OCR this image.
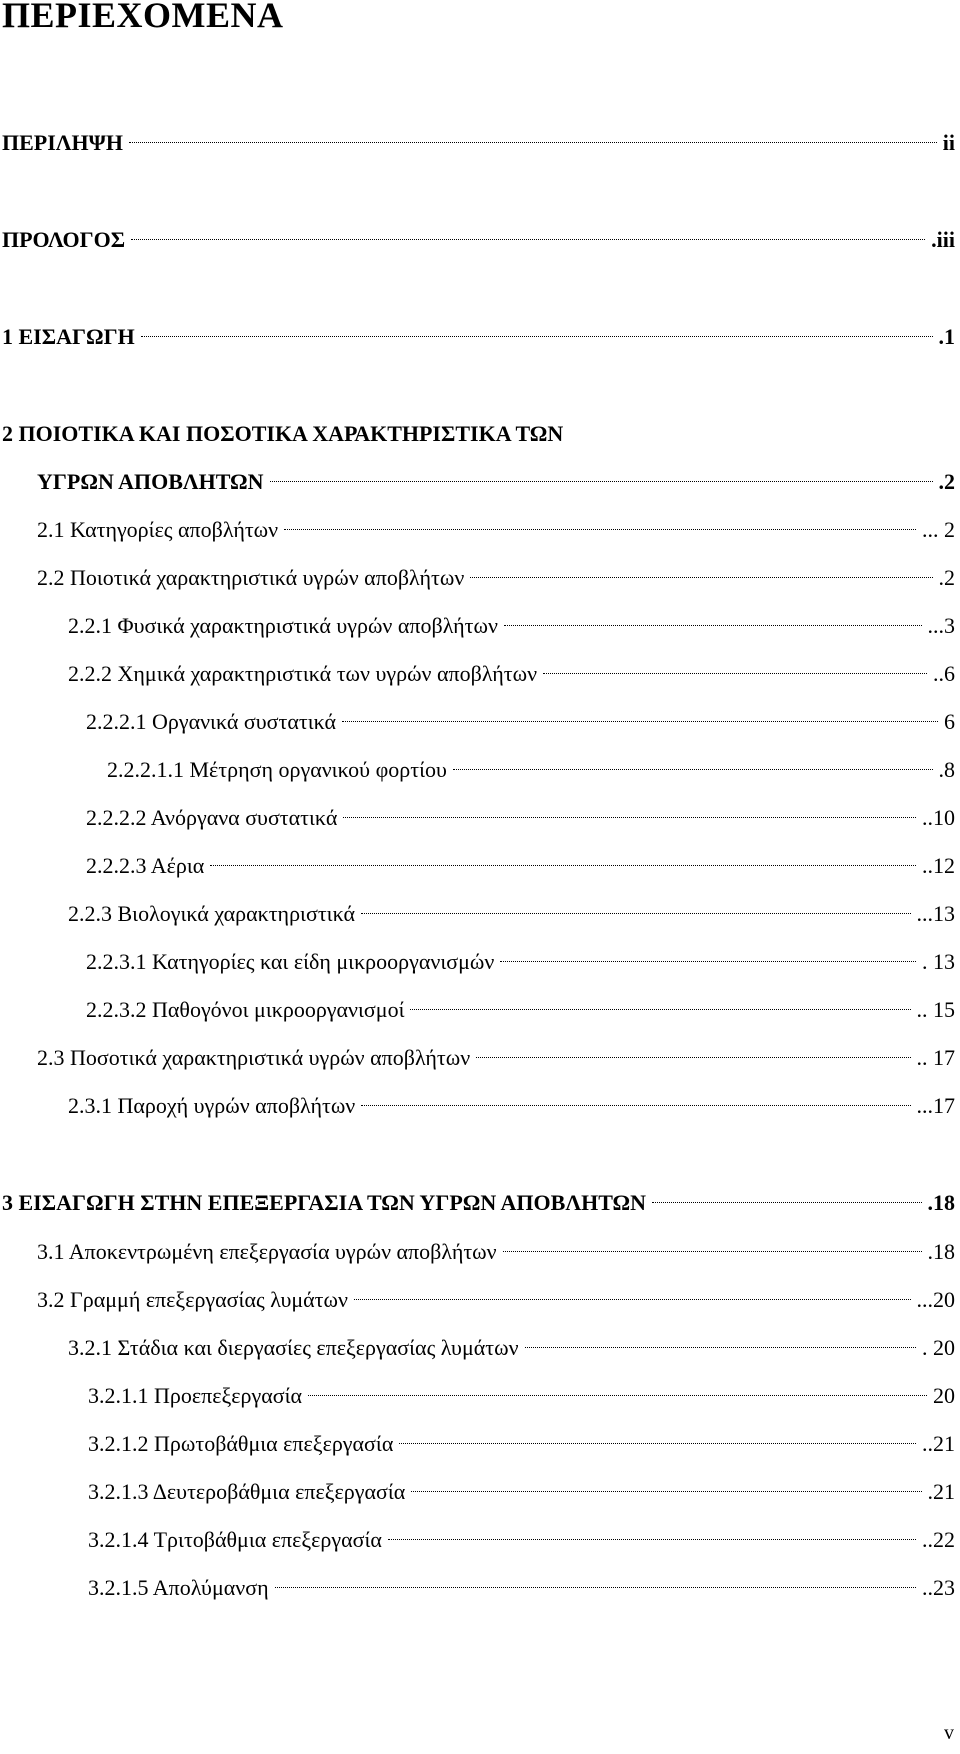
ΠΕΡΙΕΧΟΜΕΝΑ
ΠΕΡΙΛΗΨΗ	ii
ΠΡΟΛΟΓΟΣ	.iii
1 ΕΙΣΑΓΩΓΗ	.1
2 ΠΟΙΟΤΙΚΑ ΚΑΙ ΠΟΣΟΤΙΚΑ ΧΑΡΑΚΤΗΡΙΣΤΙΚΑ ΤΩΝ
ΥΓΡΩΝ ΑΠΟΒΛΗΤΩΝ	.2
2.1 Κατηγορίες αποβλήτων	... 2
2.2 Ποιοτικά χαρακτηριστικά υγρών αποβλήτων	.2
2.2.1 Φυσικά χαρακτηριστικά υγρών αποβλήτων	...3
2.2.2 Χημικά χαρακτηριστικά των υγρών αποβλήτων	..6
2.2.2.1 Οργανικά συστατικά	6
2.2.2.1.1 Μέτρηση οργανικού φορτίου	.8
2.2.2.2 Ανόργανα συστατικά	..10
2.2.2.3 Αέρια	..12
2.2.3 Βιολογικά χαρακτηριστικά	...13
2.2.3.1 Κατηγορίες και είδη μικροοργανισμών	. 13
2.2.3.2 Παθογόνοι μικροοργανισμοί	.. 15
2.3 Ποσοτικά χαρακτηριστικά υγρών αποβλήτων	.. 17
2.3.1 Παροχή υγρών αποβλήτων	...17
3 ΕΙΣΑΓΩΓΗ ΣΤΗΝ ΕΠΕΞΕΡΓΑΣΙΑ ΤΩΝ ΥΓΡΩΝ ΑΠΟΒΛΗΤΩΝ	.18
3.1 Αποκεντρωμένη επεξεργασία υγρών αποβλήτων	.18
3.2 Γραμμή επεξεργασίας λυμάτων	...20
3.2.1 Στάδια και διεργασίες επεξεργασίας λυμάτων	. 20
3.2.1.1 Προεπεξεργασία	20
3.2.1.2 Πρωτοβάθμια επεξεργασία	..21
3.2.1.3 Δευτεροβάθμια επεξεργασία	.21
3.2.1.4 Τριτοβάθμια επεξεργασία	..22
3.2.1.5 Απολύμανση	..23
v
